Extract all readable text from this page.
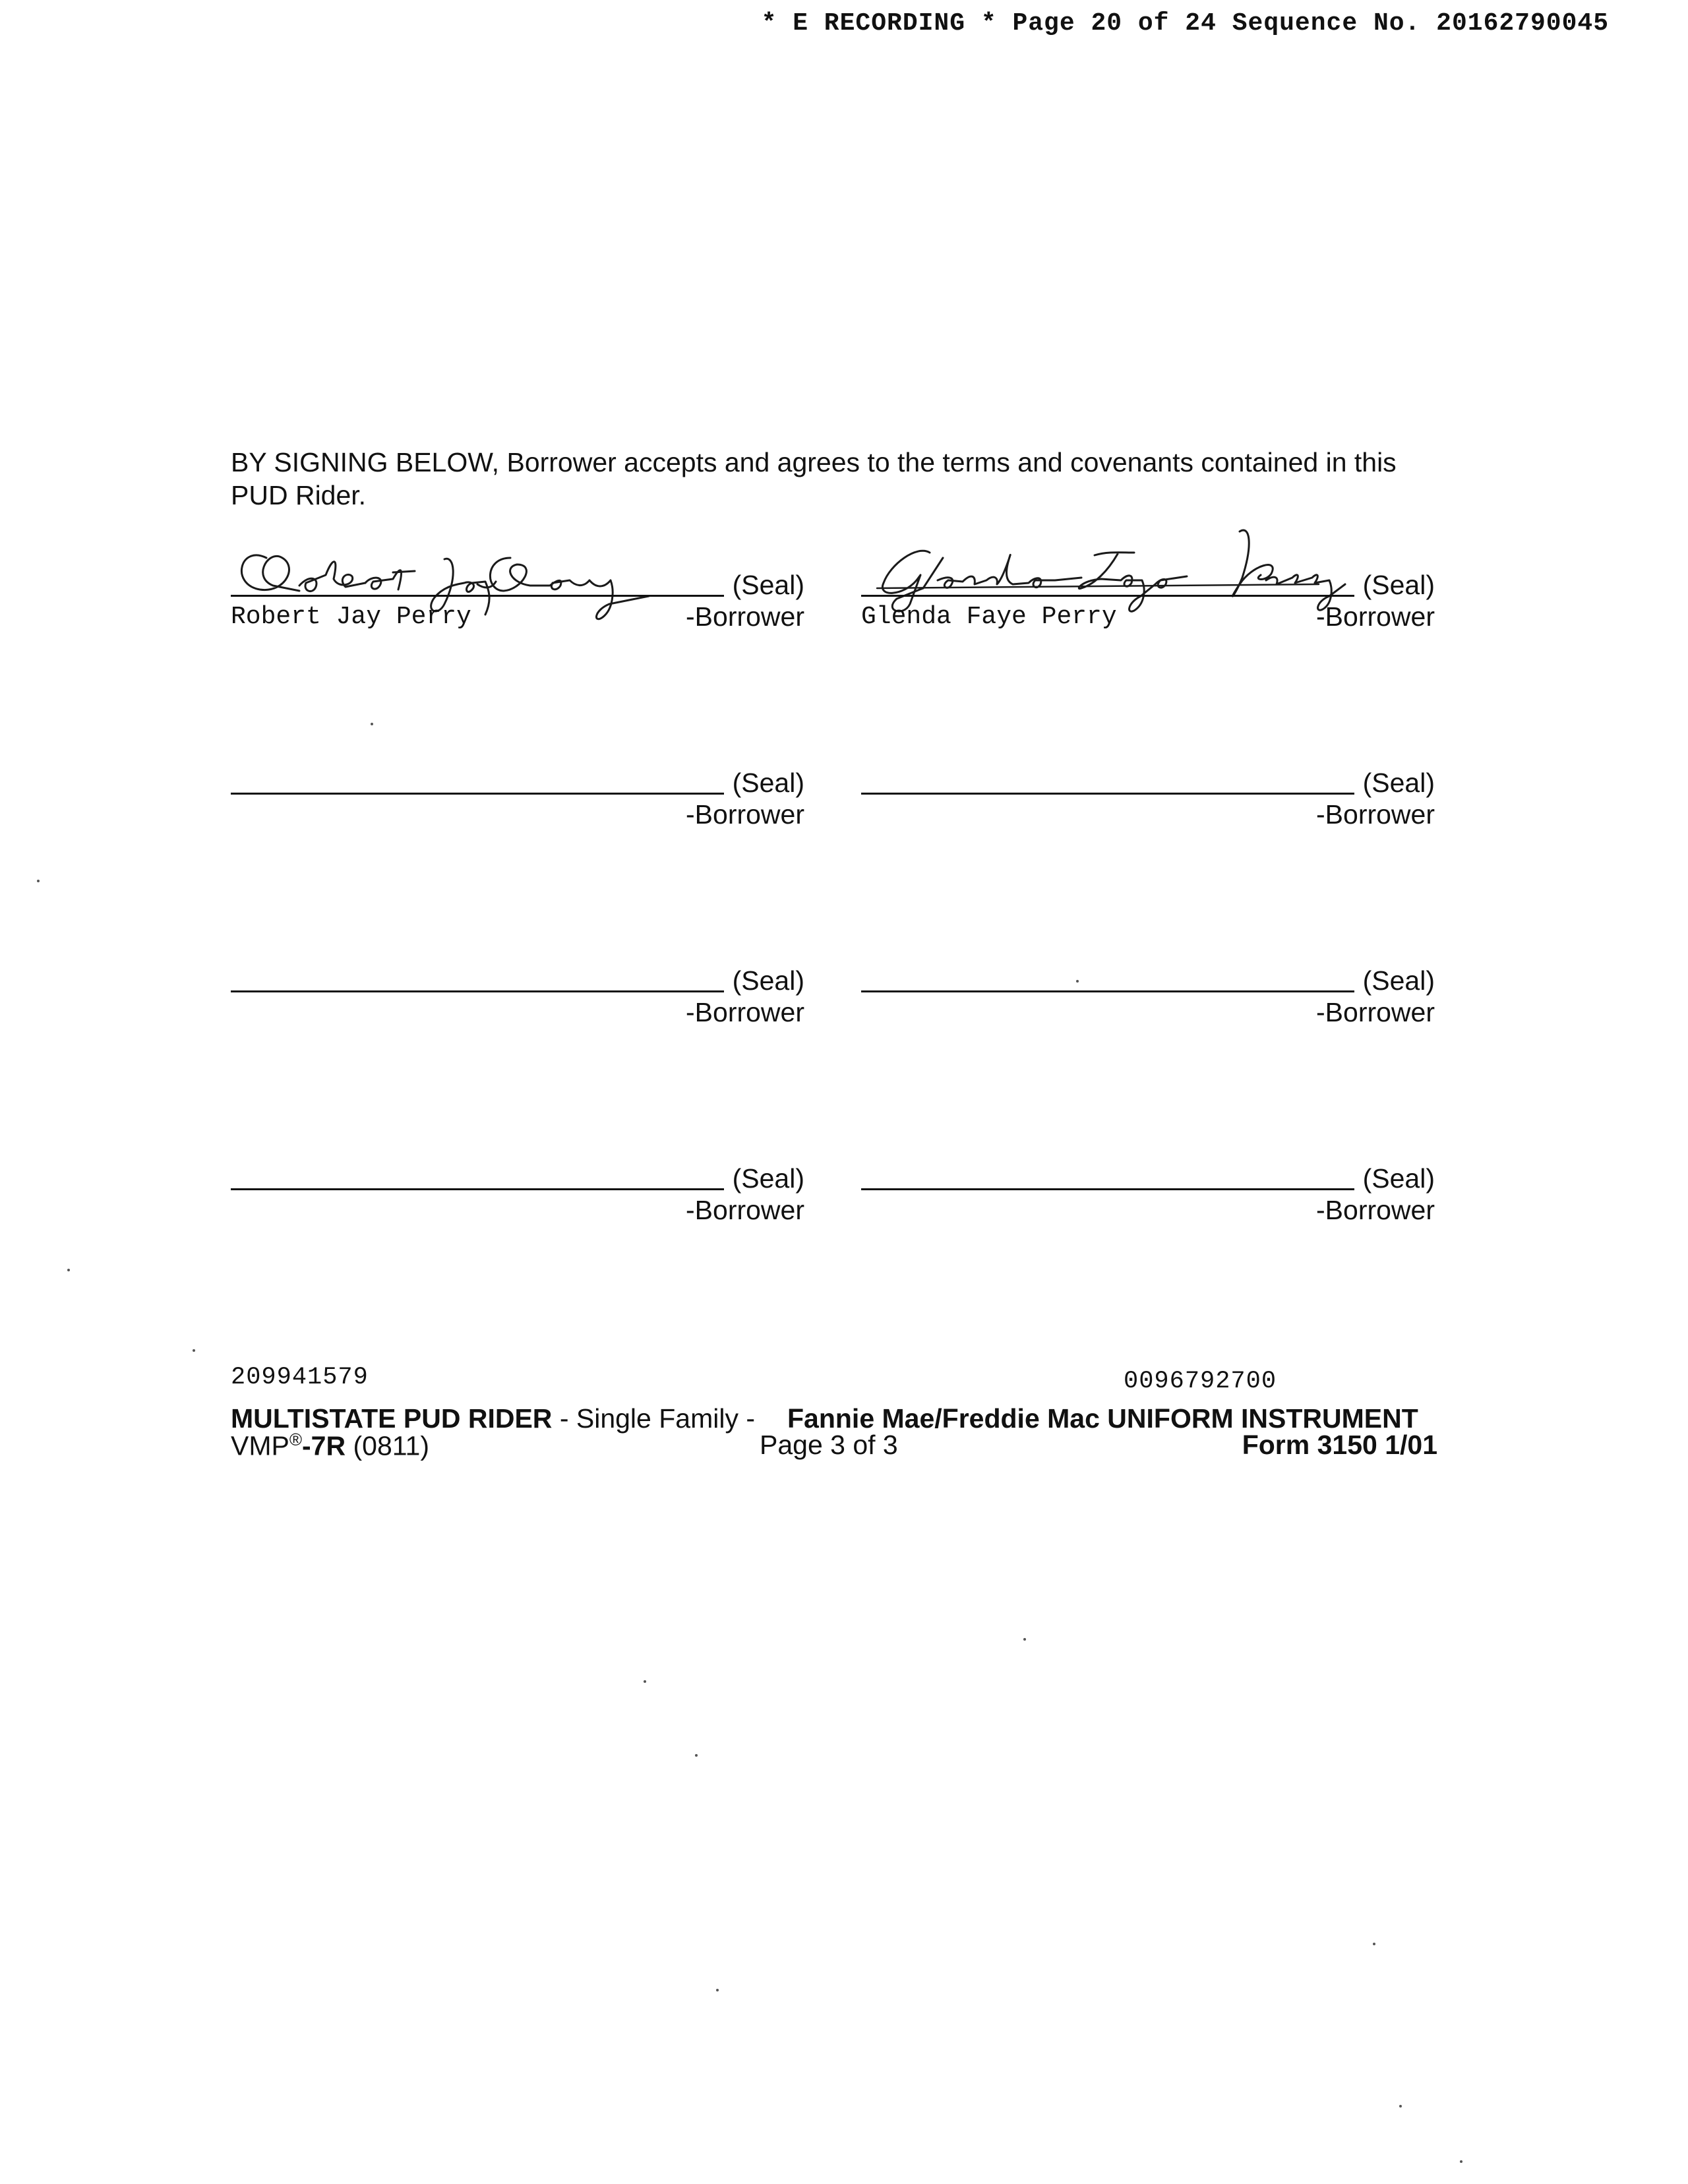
* E RECORDING * Page 20 of 24 Sequence No. 20162790045
BY SIGNING BELOW, Borrower accepts and agrees to the terms and covenants contained in this PUD Rider.
(Seal)
Robert Jay Perry	-Borrower
(Seal)
Glenda Faye Perry	-Borrower
(Seal)
-Borrower
(Seal)
-Borrower
(Seal)
-Borrower
(Seal)
-Borrower
(Seal)
-Borrower
(Seal)
-Borrower
209941579	0096792700
MULTISTATE PUD RIDER - Single Family - Fannie Mae/Freddie Mac UNIFORM INSTRUMENT
VMP®-7R (0811)	Page 3 of 3	Form 3150 1/01
